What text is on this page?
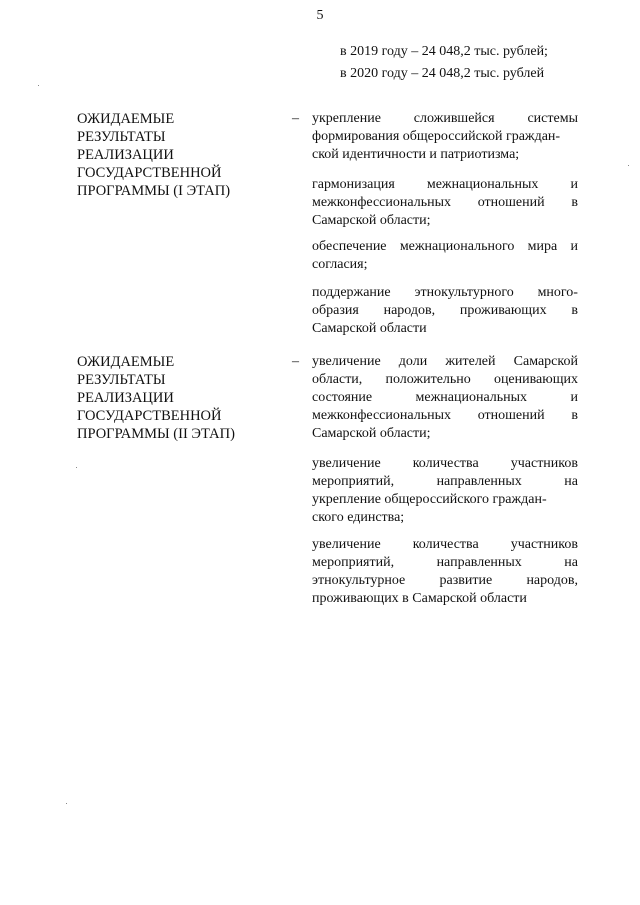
5
в 2019 году – 24 048,2 тыс. рублей;
в 2020 году – 24 048,2 тыс. рублей
ОЖИДАЕМЫЕ
РЕЗУЛЬТАТЫ
РЕАЛИЗАЦИИ
ГОСУДАРСТВЕННОЙ
ПРОГРАММЫ (I ЭТАП)
– укрепление сложившейся системы
формирования общероссийской граждан-
ской идентичности и патриотизма;
гармонизация межнациональных и
межконфессиональных отношений в
Самарской области;
обеспечение межнационального мира и
согласия;
поддержание этнокультурного много-
образия народов, проживающих в
Самарской области
ОЖИДАЕМЫЕ
РЕЗУЛЬТАТЫ
РЕАЛИЗАЦИИ
ГОСУДАРСТВЕННОЙ
ПРОГРАММЫ (II ЭТАП)
– увеличение доли жителей Самарской
области, положительно оценивающих
состояние	межнациональных	и
межконфессиональных отношений в
Самарской области;
увеличение количества участников
мероприятий,	направленных	на
укрепление общероссийского граждан-
ского единства;
увеличение количества участников
мероприятий,	направленных	на
этнокультурное развитие народов,
проживающих в Самарской области
